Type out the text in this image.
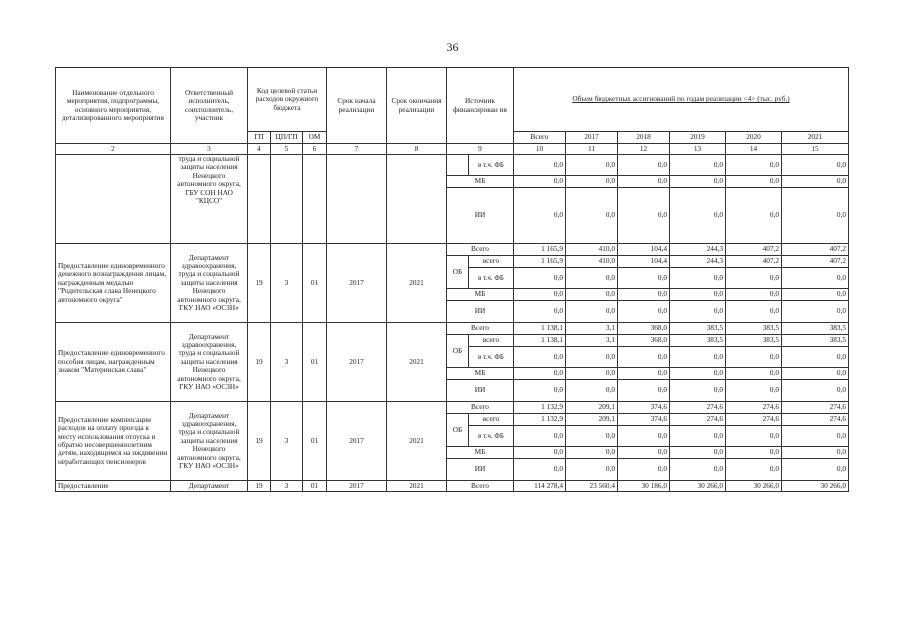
36
Наименование отдельного мероприятия, подпрограммы, основного мероприятия, детализированного мероприятия	Ответственный исполнитель, соисполнитель, участник	Код целевой статьи расходов окружного бюджета			Срок начала реализации	Срок окончания реализации	Источник финансирован ия		Объем бюджетных ассигнований по годам реализации <4> (тыс. руб.)					
		ГП	ЦП/ГП	ОМ					Всего	2017	2018	2019	2020	2021
2	3	4	5	6	7	8	9		10	11	12	13	14	15
	труда и социальной защиты населения Ненецкого автономного округа, ГБУ СОН НАО "КЦСО"							в т.ч. ФБ	0,0	0,0	0,0	0,0	0,0	0,0
							МБ		0,0	0,0	0,0	0,0	0,0	0,0
							ИИ		0,0	0,0	0,0	0,0	0,0	0,0
Предоставление единовременного денежного вознаграждения лицам, награжденным медалью "Родительская слава Ненецкого автономного округа"	Департамент здравоохранения, труда и социальной защиты населения Ненецкого автономного округа, ГКУ НАО «ОСЗН»	19	3	01	2017	2021	Всего		1 165,9	410,0	104,4	244,3	407,2	407,2
							ОБ	всего	1 165,9	410,0	104,4	244,3	407,2	407,2
								в т.ч. ФБ	0,0	0,0	0,0	0,0	0,0	0,0
							МБ		0,0	0,0	0,0	0,0	0,0	0,0
							ИИ		0,0	0,0	0,0	0,0	0,0	0,0
Предоставление единовременного пособия лицам, награжденным знаком "Материнская слава"	Департамент здравоохранения, труда и социальной защиты населения Ненецкого автономного округа, ГКУ НАО «ОСЗН»	19	3	01	2017	2021	Всего		1 138,1	3,1	368,0	383,5	383,5	383,5
							ОБ	всего	1 138,1	3,1	368,0	383,5	383,5	383,5
								в т.ч. ФБ	0,0	0,0	0,0	0,0	0,0	0,0
							МБ		0,0	0,0	0,0	0,0	0,0	0,0
							ИИ		0,0	0,0	0,0	0,0	0,0	0,0
Предоставление компенсации расходов на оплату проезда к месту использования отпуска и обратно несовершеннолетним детям, находящимся на иждивении неработающих пенсионеров	Департамент здравоохранения, труда и социальной защиты населения Ненецкого автономного округа, ГКУ НАО «ОСЗН»	19	3	01	2017	2021	Всего		1 132,9	209,1	374,6	274,6	274,6	274,6
							ОБ	всего	1 132,9	209,1	374,6	274,6	274,6	274,6
								в т.ч. ФБ	0,0	0,0	0,0	0,0	0,0	0,0
							МБ		0,0	0,0	0,0	0,0	0,0	0,0
							ИИ		0,0	0,0	0,0	0,0	0,0	0,0
Предоставление	Департамент	19	3	01	2017	2021	Всего		114 278,4	23 560,4	30 186,0	30 266,0	30 266,0	30 266,0
